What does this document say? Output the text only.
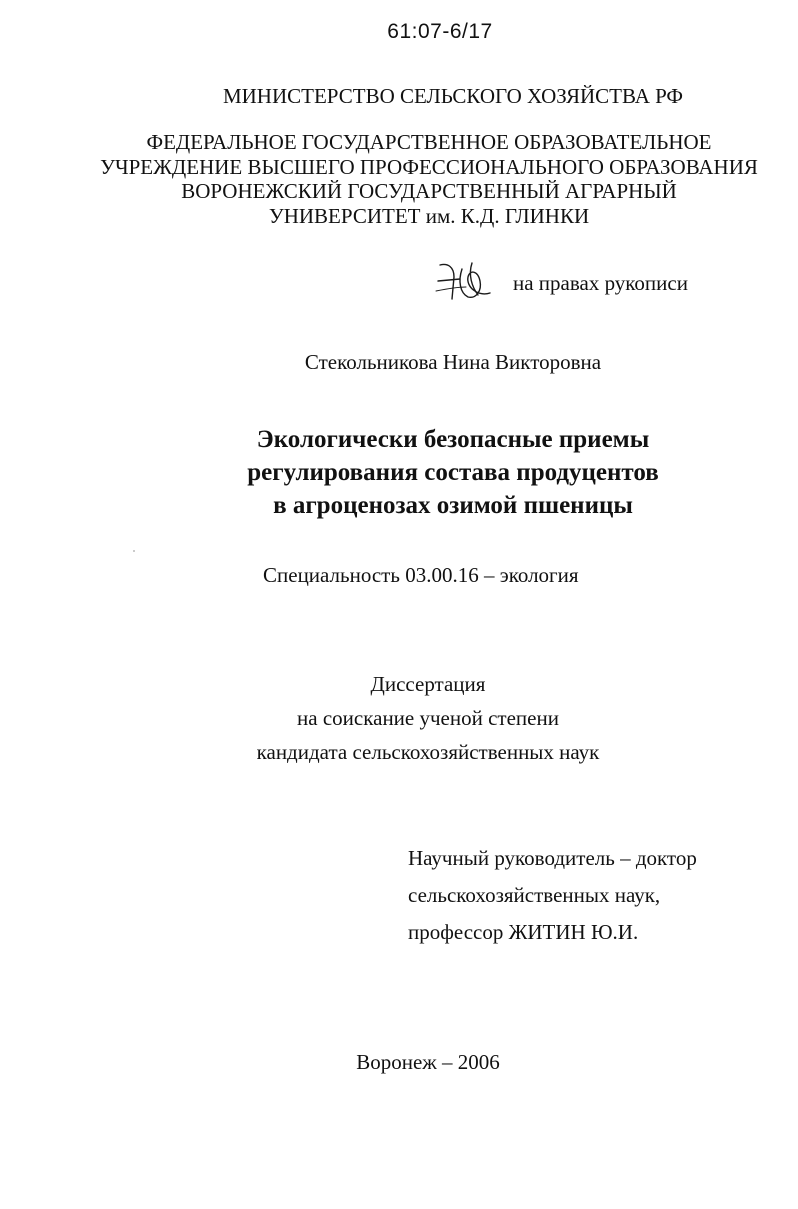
61:07-6/17
МИНИСТЕРСТВО СЕЛЬСКОГО ХОЗЯЙСТВА РФ
ФЕДЕРАЛЬНОЕ ГОСУДАРСТВЕННОЕ ОБРАЗОВАТЕЛЬНОЕ
УЧРЕЖДЕНИЕ ВЫСШЕГО ПРОФЕССИОНАЛЬНОГО ОБРАЗОВАНИЯ
ВОРОНЕЖСКИЙ ГОСУДАРСТВЕННЫЙ АГРАРНЫЙ
УНИВЕРСИТЕТ им. К.Д. ГЛИНКИ
на правах рукописи
Стекольникова Нина Викторовна
Экологически безопасные приемы
регулирования состава продуцентов
в агроценозах озимой пшеницы
Специальность 03.00.16 – экология
Диссертация
на соискание ученой степени
кандидата сельскохозяйственных наук
Научный руководитель – доктор
сельскохозяйственных наук,
профессор ЖИТИН Ю.И.
Воронеж – 2006
